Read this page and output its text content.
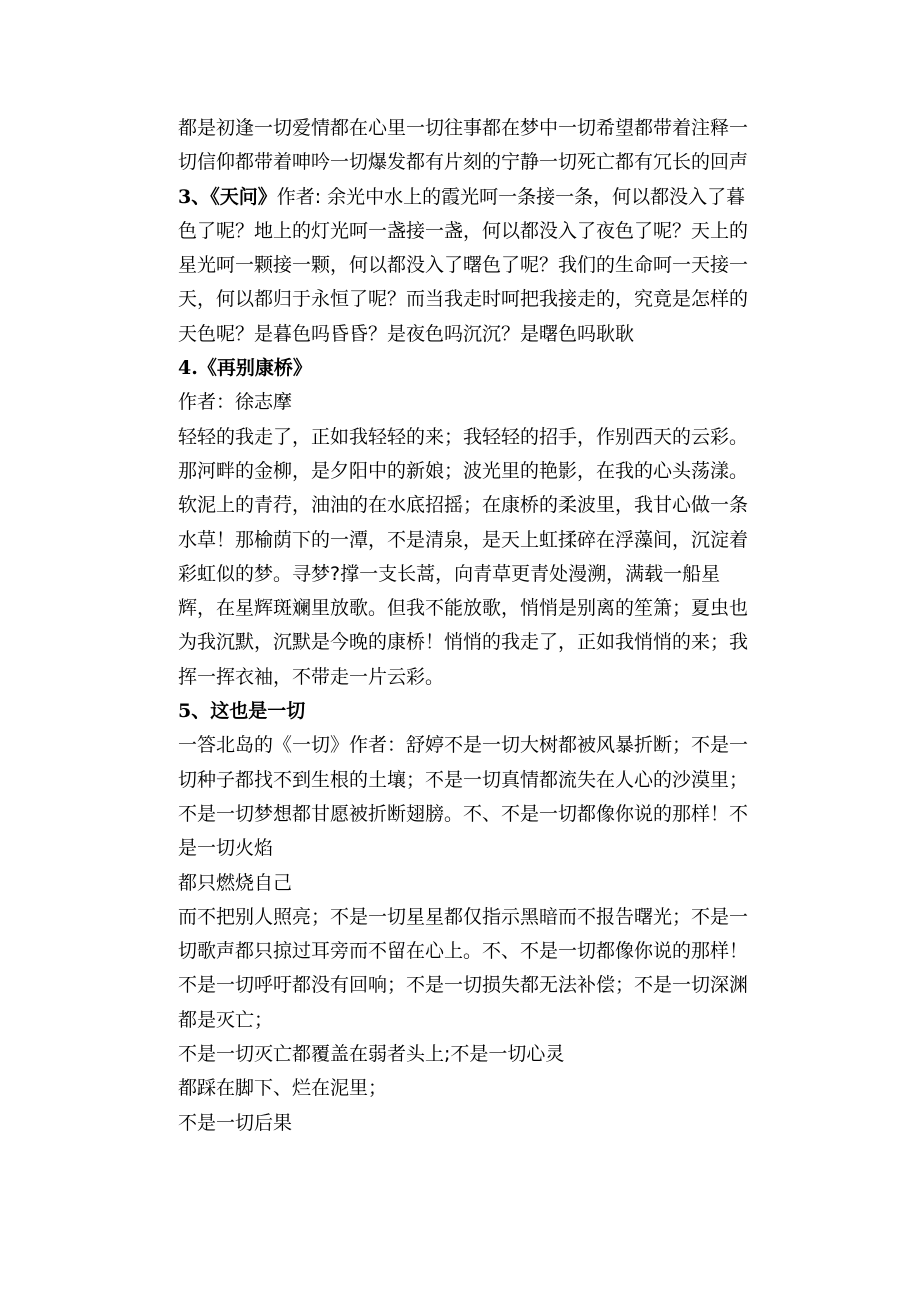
都是初逢一切爱情都在心里一切往事都在梦中一切希望都带着注释一
切信仰都带着呻吟一切爆发都有片刻的宁静一切死亡都有冗长的回声
3、《天问》作者: 余光中水上的霞光呵一条接一条，何以都没入了暮
色了呢？地上的灯光呵一盏接一盏，何以都没入了夜色了呢？天上的
星光呵一颗接一颗，何以都没入了曙色了呢？我们的生命呵一天接一
天，何以都归于永恒了呢？而当我走时呵把我接走的，究竟是怎样的
天色呢？是暮色吗昏昏？是夜色吗沉沉？是曙色吗耿耿
4.《再别康桥》
作者：徐志摩
轻轻的我走了，正如我轻轻的来；我轻轻的招手，作别西天的云彩。
那河畔的金柳，是夕阳中的新娘；波光里的艳影，在我的心头荡漾。
软泥上的青荇，油油的在水底招摇；在康桥的柔波里，我甘心做一条
水草！那榆荫下的一潭，不是清泉，是天上虹揉碎在浮藻间，沉淀着
彩虹似的梦。寻梦?撑一支长蒿，向青草更青处漫溯，满载一船星
辉，在星辉斑斓里放歌。但我不能放歌，悄悄是别离的笙箫；夏虫也
为我沉默，沉默是今晚的康桥！悄悄的我走了，正如我悄悄的来；我
挥一挥衣袖，不带走一片云彩。
5、这也是一切
一答北岛的《一切》作者：舒婷不是一切大树都被风暴折断；不是一
切种子都找不到生根的土壤；不是一切真情都流失在人心的沙漠里；
不是一切梦想都甘愿被折断翅膀。不、不是一切都像你说的那样！不
是一切火焰
都只燃烧自己
而不把别人照亮；不是一切星星都仅指示黑暗而不报告曙光；不是一
切歌声都只掠过耳旁而不留在心上。不、不是一切都像你说的那样！
不是一切呼吁都没有回响；不是一切损失都无法补偿；不是一切深渊
都是灭亡；
不是一切灭亡都覆盖在弱者头上;不是一切心灵
都踩在脚下、烂在泥里；
不是一切后果
